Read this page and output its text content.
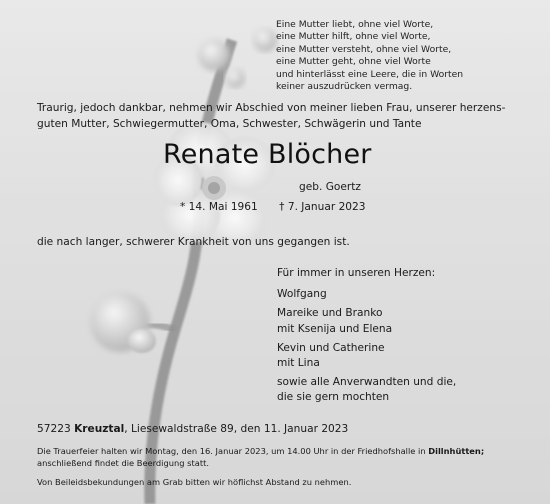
Eine Mutter liebt, ohne viel Worte,
eine Mutter hilft, ohne viel Worte,
eine Mutter versteht, ohne viel Worte,
eine Mutter geht, ohne viel Worte
und hinterlässt eine Leere, die in Worten
keiner auszudrücken vermag.
Traurig, jedoch dankbar, nehmen wir Abschied von meiner lieben Frau, unserer herzens-
guten Mutter, Schwiegermutter, Oma, Schwester, Schwägerin und Tante
Renate Blöcher
geb. Goertz
* 14. Mai 1961 † 7. Januar 2023
die nach langer, schwerer Krankheit von uns gegangen ist.
Für immer in unseren Herzen:
Wolfgang
Mareike und Branko
mit Ksenija und Elena
Kevin und Catherine
mit Lina
sowie alle Anverwandten und die,
die sie gern mochten
57223 Kreuztal, Liesewaldstraße 89, den 11. Januar 2023
Die Trauerfeier halten wir Montag, den 16. Januar 2023, um 14.00 Uhr in der Friedhofshalle in Dillnhütten;
anschließend findet die Beerdigung statt.
Von Beileidsbekundungen am Grab bitten wir höflichst Abstand zu nehmen.
